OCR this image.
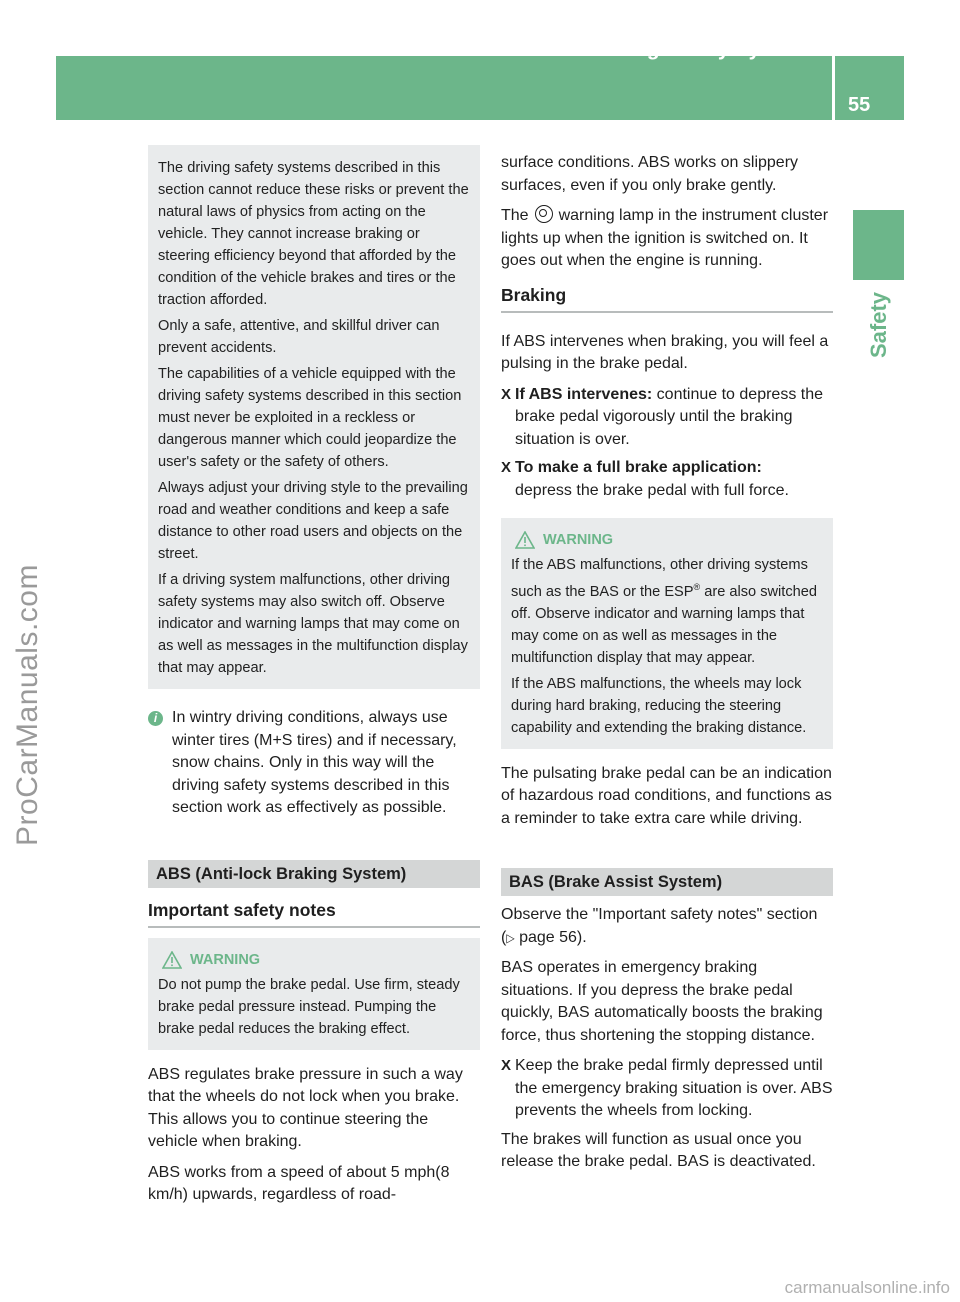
Driving safety systems
55
Safety
ProCarManuals.com
carmanualsonline.info

The driving safety systems described in this section cannot reduce these risks or prevent the natural laws of physics from acting on the vehicle. They cannot increase braking or steering efficiency beyond that afforded by the condition of the vehicle brakes and tires or the traction afforded.

Only a safe, attentive, and skillful driver can prevent accidents.

The capabilities of a vehicle equipped with the driving safety systems described in this section must never be exploited in a reckless or dangerous manner which could jeopardize the user's safety or the safety of others.

Always adjust your driving style to the prevailing road and weather conditions and keep a safe distance to other road users and objects on the street.

If a driving system malfunctions, other driving safety systems may also switch off. Observe indicator and warning lamps that may come on as well as messages in the multifunction display that may appear.

i In wintry driving conditions, always use winter tires (M+S tires) and if necessary, snow chains. Only in this way will the driving safety systems described in this section work as effectively as possible.
ABS (Anti-lock Braking System)
Important safety notes
WARNING

Do not pump the brake pedal. Use firm, steady brake pedal pressure instead. Pumping the brake pedal reduces the braking effect.

ABS regulates brake pressure in such a way that the wheels do not lock when you brake. This allows you to continue steering the vehicle when braking.

ABS works from a speed of about 5 mph(8 km/h) upwards, regardless of road-

surface conditions. ABS works on slippery surfaces, even if you only brake gently.

The warning lamp in the instrument cluster lights up when the ignition is switched on. It goes out when the engine is running.

Braking

If ABS intervenes when braking, you will feel a pulsing in the brake pedal.

X If ABS intervenes: continue to depress the brake pedal vigorously until the braking situation is over.
X To make a full brake application:
depress the brake pedal with full force.
WARNING

If the ABS malfunctions, other driving systems such as the BAS or the ESP® are also switched off. Observe indicator and warning lamps that may come on as well as messages in the multifunction display that may appear.

If the ABS malfunctions, the wheels may lock during hard braking, reducing the steering capability and extending the braking distance.

The pulsating brake pedal can be an indication of hazardous road conditions, and functions as a reminder to take extra care while driving.

BAS (Brake Assist System)

Observe the "Important safety notes" section (▷ page 56).

BAS operates in emergency braking situations. If you depress the brake pedal quickly, BAS automatically boosts the braking force, thus shortening the stopping distance.

X Keep the brake pedal firmly depressed until the emergency braking situation is over. ABS prevents the wheels from locking.

The brakes will function as usual once you release the brake pedal. BAS is deactivated.
